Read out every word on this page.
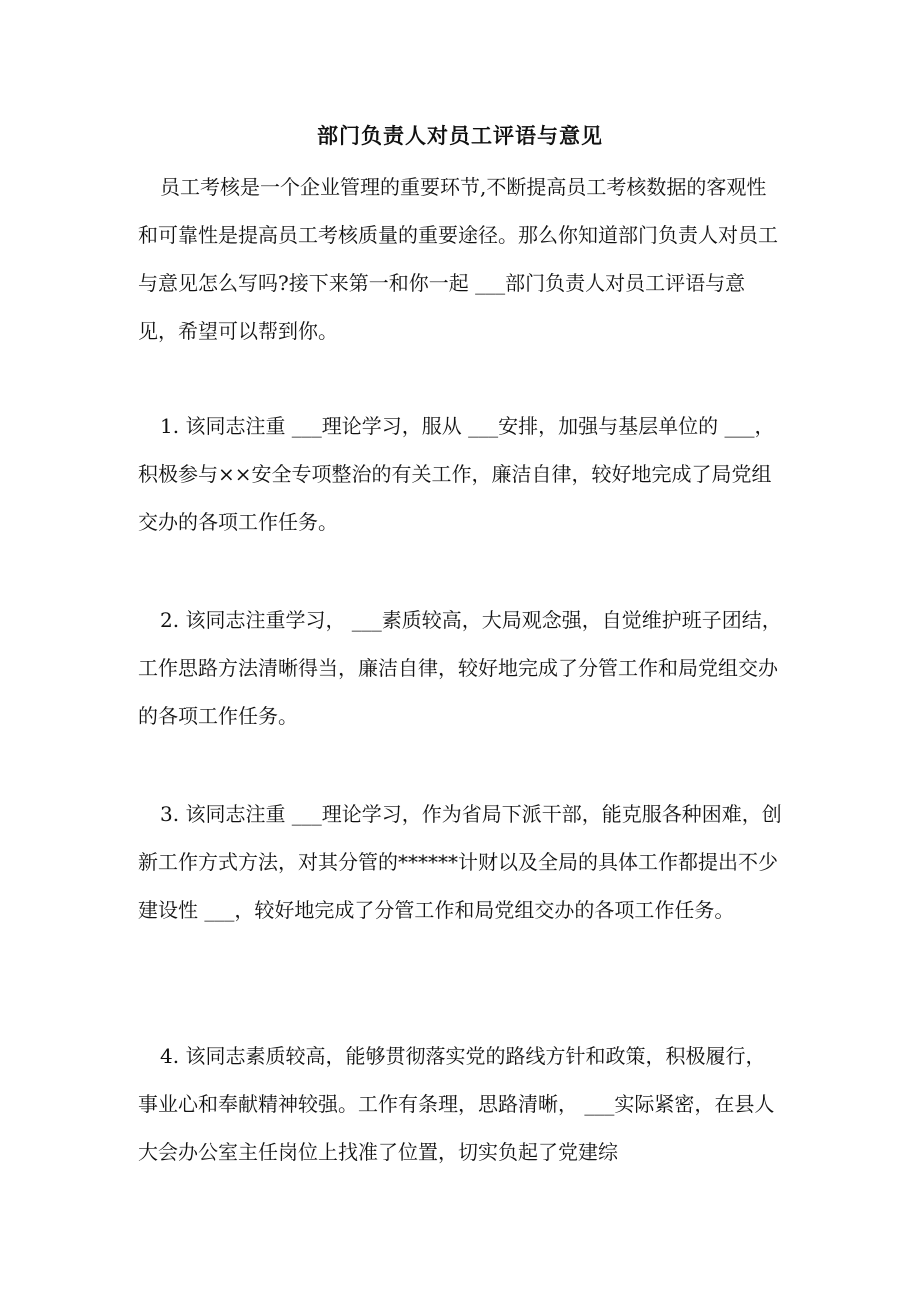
部门负责人对员工评语与意见
员工考核是一个企业管理的重要环节,不断提高员工考核数据的客观性和可靠性是提高员工考核质量的重要途径。那么你知道部门负责人对员工与意见怎么写吗?接下来第一和你一起 ___部门负责人对员工评语与意见，希望可以帮到你。
1. 该同志注重 ___理论学习，服从 ___安排，加强与基层单位的 ___，积极参与××安全专项整治的有关工作，廉洁自律，较好地完成了局党组交办的各项工作任务。
2. 该同志注重学习， ___素质较高，大局观念强，自觉维护班子团结，工作思路方法清晰得当，廉洁自律，较好地完成了分管工作和局党组交办的各项工作任务。
3. 该同志注重 ___理论学习，作为省局下派干部，能克服各种困难，创新工作方式方法，对其分管的******计财以及全局的具体工作都提出不少建设性 ___，较好地完成了分管工作和局党组交办的各项工作任务。
4. 该同志素质较高，能够贯彻落实党的路线方针和政策，积极履行，事业心和奉献精神较强。工作有条理，思路清晰， ___实际紧密，在县人大会办公室主任岗位上找准了位置，切实负起了党建综
